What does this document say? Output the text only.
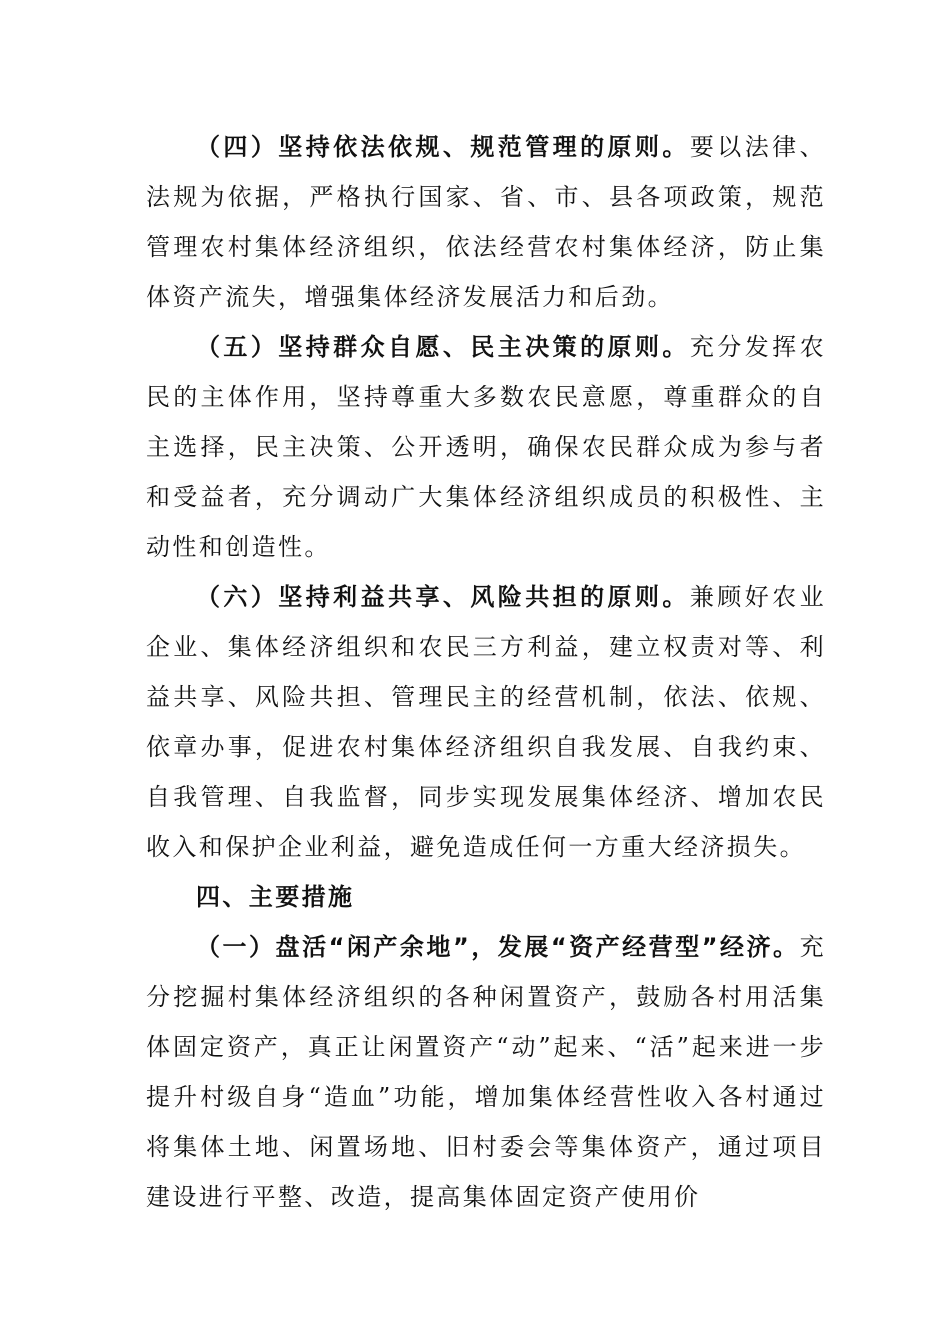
（四）坚持依法依规、规范管理的原则。要以法律、法规为依据，严格执行国家、省、市、县各项政策，规范管理农村集体经济组织，依法经营农村集体经济，防止集体资产流失，增强集体经济发展活力和后劲。

（五）坚持群众自愿、民主决策的原则。充分发挥农民的主体作用，坚持尊重大多数农民意愿，尊重群众的自主选择，民主决策、公开透明，确保农民群众成为参与者和受益者，充分调动广大集体经济组织成员的积极性、主动性和创造性。

（六）坚持利益共享、风险共担的原则。兼顾好农业企业、集体经济组织和农民三方利益，建立权责对等、利益共享、风险共担、管理民主的经营机制，依法、依规、依章办事，促进农村集体经济组织自我发展、自我约束、自我管理、自我监督，同步实现发展集体经济、增加农民收入和保护企业利益，避免造成任何一方重大经济损失。

四、主要措施

（一）盘活“闲产余地”，发展“资产经营型”经济。充分挖掘村集体经济组织的各种闲置资产，鼓励各村用活集体固定资产，真正让闲置资产“动”起来、“活”起来进一步提升村级自身“造血”功能，增加集体经营性收入各村通过将集体土地、闲置场地、旧村委会等集体资产，通过项目建设进行平整、改造，提高集体固定资产使用价
